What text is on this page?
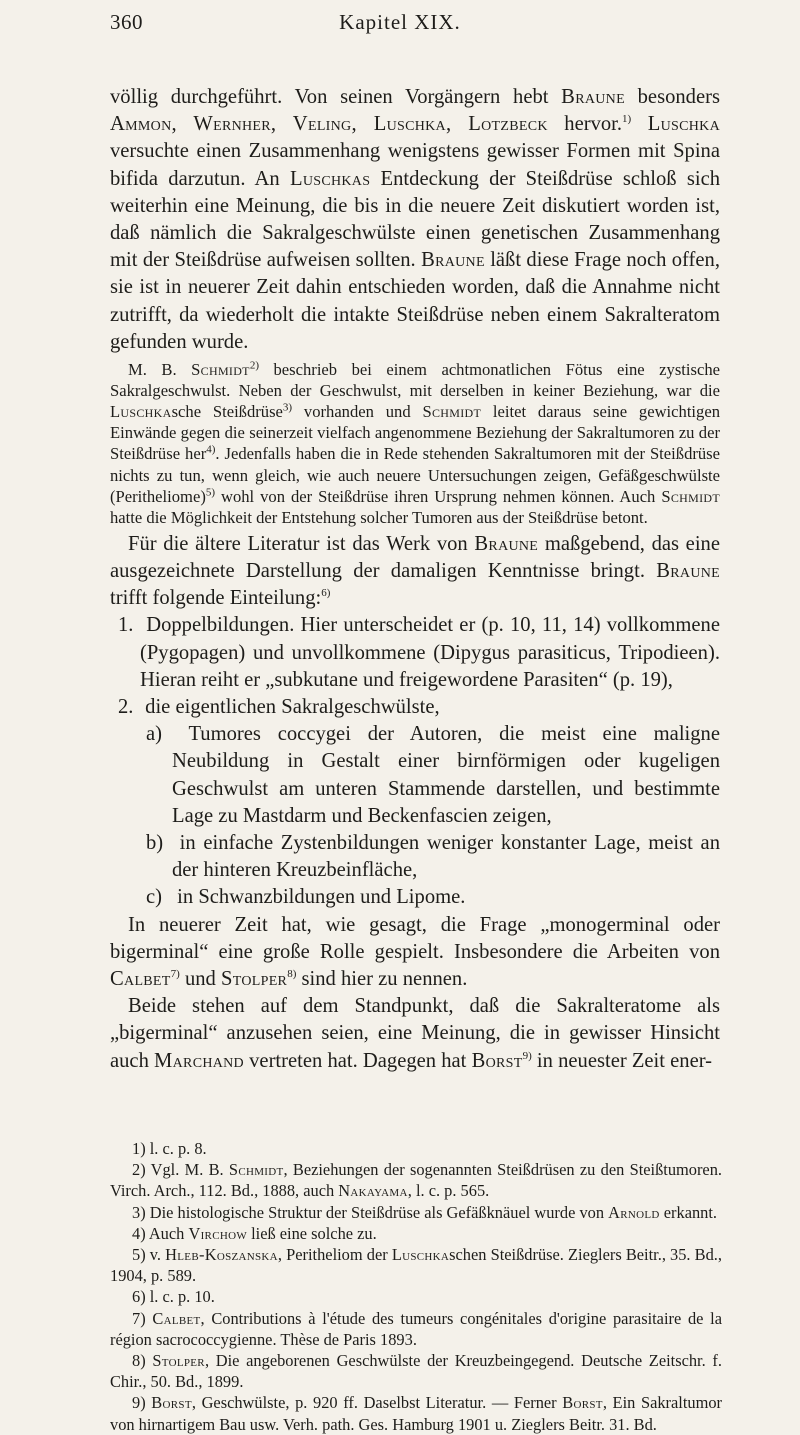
360	Kapitel XIX.

völlig durchgeführt. Von seinen Vorgängern hebt Braune besonders Ammon, Wernher, Veling, Luschka, Lotzbeck hervor.$^{1)}$ Luschka versuchte einen Zusammenhang wenigstens gewisser Formen mit Spina bifida darzutun. An Luschkas Entdeckung der Steißdrüse schloß sich weiterhin eine Meinung, die bis in die neuere Zeit diskutiert worden ist, daß nämlich die Sakralgeschwülste einen genetischen Zusammenhang mit der Steißdrüse aufweisen sollten. Braune läßt diese Frage noch offen, sie ist in neuerer Zeit dahin entschieden worden, daß die Annahme nicht zutrifft, da wiederholt die intakte Steißdrüse neben einem Sakralteratom gefunden wurde.

M. B. Schmidt$^{2)}$ beschrieb bei einem achtmonatlichen Fötus eine zystische Sakralgeschwulst. Neben der Geschwulst, mit derselben in keiner Beziehung, war die Luschkasche Steißdrüse$^{3)}$ vorhanden und Schmidt leitet daraus seine gewichtigen Einwände gegen die seinerzeit vielfach angenommene Beziehung der Sakraltumoren zu der Steißdrüse her$^{4)}$. Jedenfalls haben die in Rede stehenden Sakraltumoren mit der Steißdrüse nichts zu tun, wenn gleich, wie auch neuere Untersuchungen zeigen, Gefäßgeschwülste (Peritheliome)$^{5)}$ wohl von der Steißdrüse ihren Ursprung nehmen können. Auch Schmidt hatte die Möglichkeit der Entstehung solcher Tumoren aus der Steißdrüse betont.

Für die ältere Literatur ist das Werk von Braune maßgebend, das eine ausgezeichnete Darstellung der damaligen Kenntnisse bringt. Braune trifft folgende Einteilung:$^{6)}$

1. Doppelbildungen. Hier unterscheidet er (p. 10, 11, 14) vollkommene (Pygopagen) und unvollkommene (Dipygus parasiticus, Tripodieen). Hieran reiht er „subkutane und freigewordene Parasiten“ (p. 19),

2. die eigentlichen Sakralgeschwülste,

a) Tumores coccygei der Autoren, die meist eine maligne Neubildung in Gestalt einer birnförmigen oder kugeligen Geschwulst am unteren Stammende darstellen, und bestimmte Lage zu Mastdarm und Beckenfascien zeigen,

b) in einfache Zystenbildungen weniger konstanter Lage, meist an der hinteren Kreuzbeinfläche,

c) in Schwanzbildungen und Lipome.

In neuerer Zeit hat, wie gesagt, die Frage „monogerminal oder bigerminal“ eine große Rolle gespielt. Insbesondere die Arbeiten von Calbet$^{7)}$ und Stolper$^{8)}$ sind hier zu nennen.

Beide stehen auf dem Standpunkt, daß die Sakralteratome als „bigerminal“ anzusehen seien, eine Meinung, die in gewisser Hinsicht auch Marchand vertreten hat. Dagegen hat Borst$^{9)}$ in neuester Zeit ener-

1) l. c. p. 8.

2) Vgl. M. B. Schmidt, Beziehungen der sogenannten Steißdrüsen zu den Steißtumoren. Virch. Arch., 112. Bd., 1888, auch Nakayama, l. c. p. 565.

3) Die histologische Struktur der Steißdrüse als Gefäßknäuel wurde von Arnold erkannt.

4) Auch Virchow ließ eine solche zu.

5) v. Hleb-Koszanska, Peritheliom der Luschkaschen Steißdrüse. Zieglers Beitr., 35. Bd., 1904, p. 589.

6) l. c. p. 10.

7) Calbet, Contributions à l'étude des tumeurs congénitales d'origine parasitaire de la région sacrococcygienne. Thèse de Paris 1893.

8) Stolper, Die angeborenen Geschwülste der Kreuzbeingegend. Deutsche Zeitschr. f. Chir., 50. Bd., 1899.

9) Borst, Geschwülste, p. 920 ff. Daselbst Literatur. — Ferner Borst, Ein Sakraltumor von hirnartigem Bau usw. Verh. path. Ges. Hamburg 1901 u. Zieglers Beitr. 31. Bd.
